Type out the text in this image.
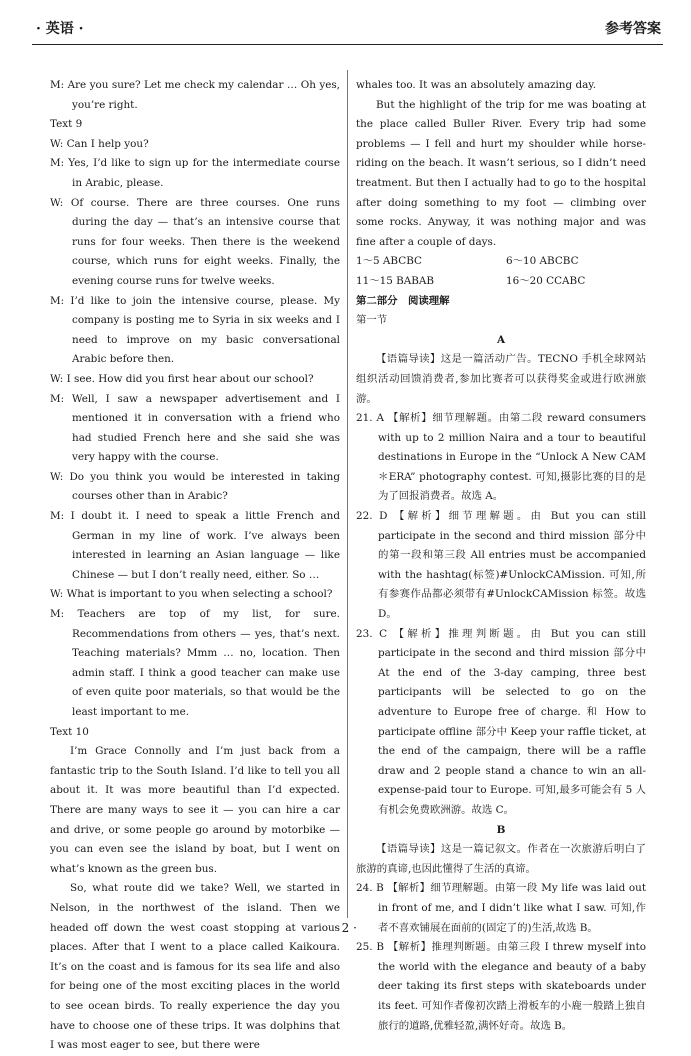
· 英语 ·	参考答案

M: Are you sure? Let me check my calendar … Oh yes, you’re right.

Text 9

W: Can I help you?

M: Yes, I’d like to sign up for the intermediate course in Arabic, please.

W: Of course. There are three courses. One runs during the day — that’s an intensive course that runs for four weeks. Then there is the weekend course, which runs for eight weeks. Finally, the evening course runs for twelve weeks.

M: I’d like to join the intensive course, please. My company is posting me to Syria in six weeks and I need to improve on my basic conversational Arabic before then.

W: I see. How did you first hear about our school?

M: Well, I saw a newspaper advertisement and I mentioned it in conversation with a friend who had studied French here and she said she was very happy with the course.

W: Do you think you would be interested in taking courses other than in Arabic?

M: I doubt it. I need to speak a little French and German in my line of work. I’ve always been interested in learning an Asian language — like Chinese — but I don’t really need, either. So …

W: What is important to you when selecting a school?

M: Teachers are top of my list, for sure. Recommendations from others — yes, that’s next. Teaching materials? Mmm … no, location. Then admin staff. I think a good teacher can make use of even quite poor materials, so that would be the least important to me.

Text 10

I’m Grace Connolly and I’m just back from a fantastic trip to the South Island. I’d like to tell you all about it. It was more beautiful than I’d expected. There are many ways to see it — you can hire a car and drive, or some people go around by motorbike — you can even see the island by boat, but I went on what’s known as the green bus.

So, what route did we take? Well, we started in Nelson, in the northwest of the island. Then we headed off down the west coast stopping at various places. After that I went to a place called Kaikoura. It’s on the coast and is famous for its sea life and also for being one of the most exciting places in the world to see ocean birds. To really experience the day you have to choose one of these trips. It was dolphins that I was most eager to see, but there were

whales too. It was an absolutely amazing day.

But the highlight of the trip for me was boating at the place called Buller River. Every trip had some problems — I fell and hurt my shoulder while horse-riding on the beach. It wasn’t serious, so I didn’t need treatment. But then I actually had to go to the hospital after doing something to my foot — climbing over some rocks. Anyway, it was nothing major and was fine after a couple of days.

1～5 ABCBC	6～10 ABCBC
11～15 BABAB	16～20 CCABC

第二部分　阅读理解

第一节

A

【语篇导读】这是一篇活动广告。TECNO 手机全球网站组织活动回馈消费者,参加比赛者可以获得奖金或进行欧洲旅游。

21. A 【解析】细节理解题。由第二段 reward consumers with up to 2 million Naira and a tour to beautiful destinations in Europe in the “Unlock A New CAM＊ERA” photography contest. 可知,摄影比赛的目的是为了回报消费者。故选 A。

22. D 【解析】细节理解题。由 But you can still participate in the second and third mission 部分中的第一段和第三段 All entries must be accompanied with the hashtag(标签)#UnlockCAMission. 可知,所有参赛作品都必须带有#UnlockCAMission 标签。故选 D。

23. C 【解析】推理判断题。由 But you can still participate in the second and third mission 部分中 At the end of the 3-day camping, three best participants will be selected to go on the adventure to Europe free of charge. 和 How to participate offline 部分中 Keep your raffle ticket, at the end of the campaign, there will be a raffle draw and 2 people stand a chance to win an all-expense-paid tour to Europe. 可知,最多可能会有 5 人有机会免费欧洲游。故选 C。

B

【语篇导读】这是一篇记叙文。作者在一次旅游后明白了旅游的真谛,也因此懂得了生活的真谛。

24. B 【解析】细节理解题。由第一段 My life was laid out in front of me, and I didn’t like what I saw. 可知,作者不喜欢铺展在面前的(固定了的)生活,故选 B。

25. B 【解析】推理判断题。由第三段 I threw myself into the world with the elegance and beauty of a baby deer taking its first steps with skateboards under its feet. 可知作者像初次踏上滑板车的小鹿一般踏上独自旅行的道路,优雅轻盈,满怀好奇。故选 B。

· 2 ·
